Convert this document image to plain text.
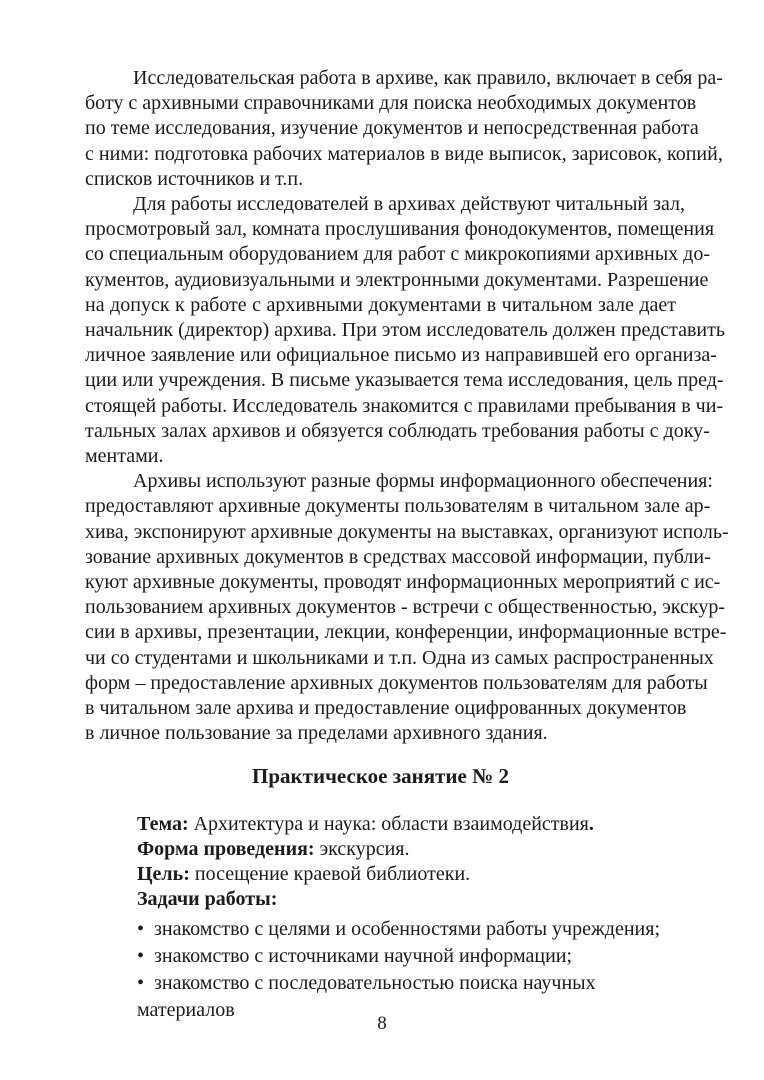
Исследовательская работа в архиве, как правило, включает в себя ра-
боту с архивными справочниками для поиска необходимых документов
по теме исследования, изучение документов и непосредственная работа
с ними: подготовка рабочих материалов в виде выписок, зарисовок, копий,
списков источников и т.п.
Для работы исследователей в архивах действуют читальный зал,
просмотровый зал, комната прослушивания фонодокументов, помещения
со специальным оборудованием для работ с микрокопиями архивных до-
кументов, аудиовизуальными и электронными документами. Разрешение
на допуск к работе с архивными документами в читальном зале дает
начальник (директор) архива. При этом исследователь должен представить
личное заявление или официальное письмо из направившей его организа-
ции или учреждения. В письме указывается тема исследования, цель пред-
стоящей работы. Исследователь знакомится с правилами пребывания в чи-
тальных залах архивов и обязуется соблюдать требования работы с доку-
ментами.
Архивы используют разные формы информационного обеспечения:
предоставляют архивные документы пользователям в читальном зале ар-
хива, экспонируют архивные документы на выставках, организуют исполь-
зование архивных документов в средствах массовой информации, публи-
куют архивные документы, проводят информационных мероприятий с ис-
пользованием архивных документов - встречи с общественностью, экскур-
сии в архивы, презентации, лекции, конференции, информационные встре-
чи со студентами и школьниками и т.п. Одна из самых распространенных
форм – предоставление архивных документов пользователям для работы
в читальном зале архива и предоставление оцифрованных документов
в личное пользование за пределами архивного здания.
Практическое занятие № 2
Тема: Архитектура и наука: области взаимодействия.
Форма проведения: экскурсия.
Цель: посещение краевой библиотеки.
Задачи работы:
• знакомство с целями и особенностями работы учреждения;
• знакомство с источниками научной информации;
• знакомство с последовательностью поиска научных материалов
8
